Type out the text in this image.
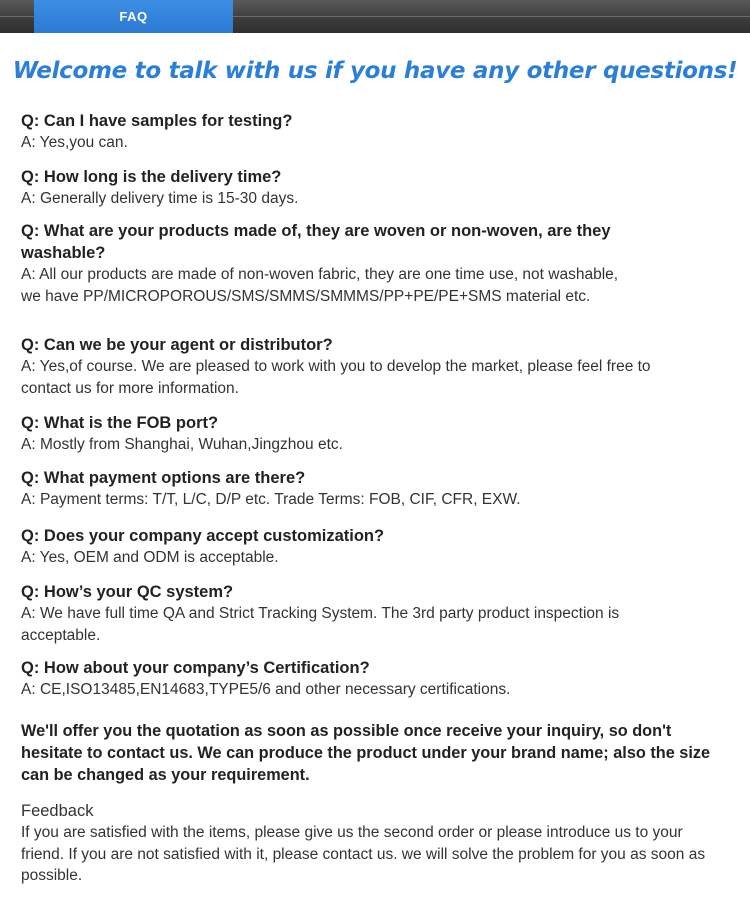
FAQ
Welcome to talk with us if you have any other questions!
Q: Can I have samples for testing?
A: Yes,you can.
Q: How long is the delivery time?
A: Generally delivery time is 15-30 days.
Q: What are your products made of, they are woven or non-woven, are they washable?
A: All our products are made of non-woven fabric, they are one time use, not washable,
we have PP/MICROPOROUS/SMS/SMMS/SMMMS/PP+PE/PE+SMS material etc.
Q: Can we be your agent or distributor?
A: Yes,of course. We are pleased to work with you to develop the market, please feel free to contact us for more information.
Q: What is the FOB port?
A: Mostly from Shanghai, Wuhan,Jingzhou etc.
Q: What payment options are there?
A: Payment terms: T/T, L/C, D/P etc. Trade Terms: FOB, CIF, CFR, EXW.
Q: Does your company accept customization?
A: Yes, OEM and ODM is acceptable.
Q: How’s your QC system?
A: We have full time QA and Strict Tracking System. The 3rd party product inspection is acceptable.
Q: How about your company’s Certification?
A: CE,ISO13485,EN14683,TYPE5/6 and other necessary certifications.
We'll offer you the quotation as soon as possible once receive your inquiry, so don't hesitate to contact us. We can produce the product under your brand name; also the size can be changed as your requirement.
Feedback
If you are satisfied with the items, please give us the second order or please introduce us to your friend. If you are not satisfied with it, please contact us. we will solve the problem for you as soon as possible.
